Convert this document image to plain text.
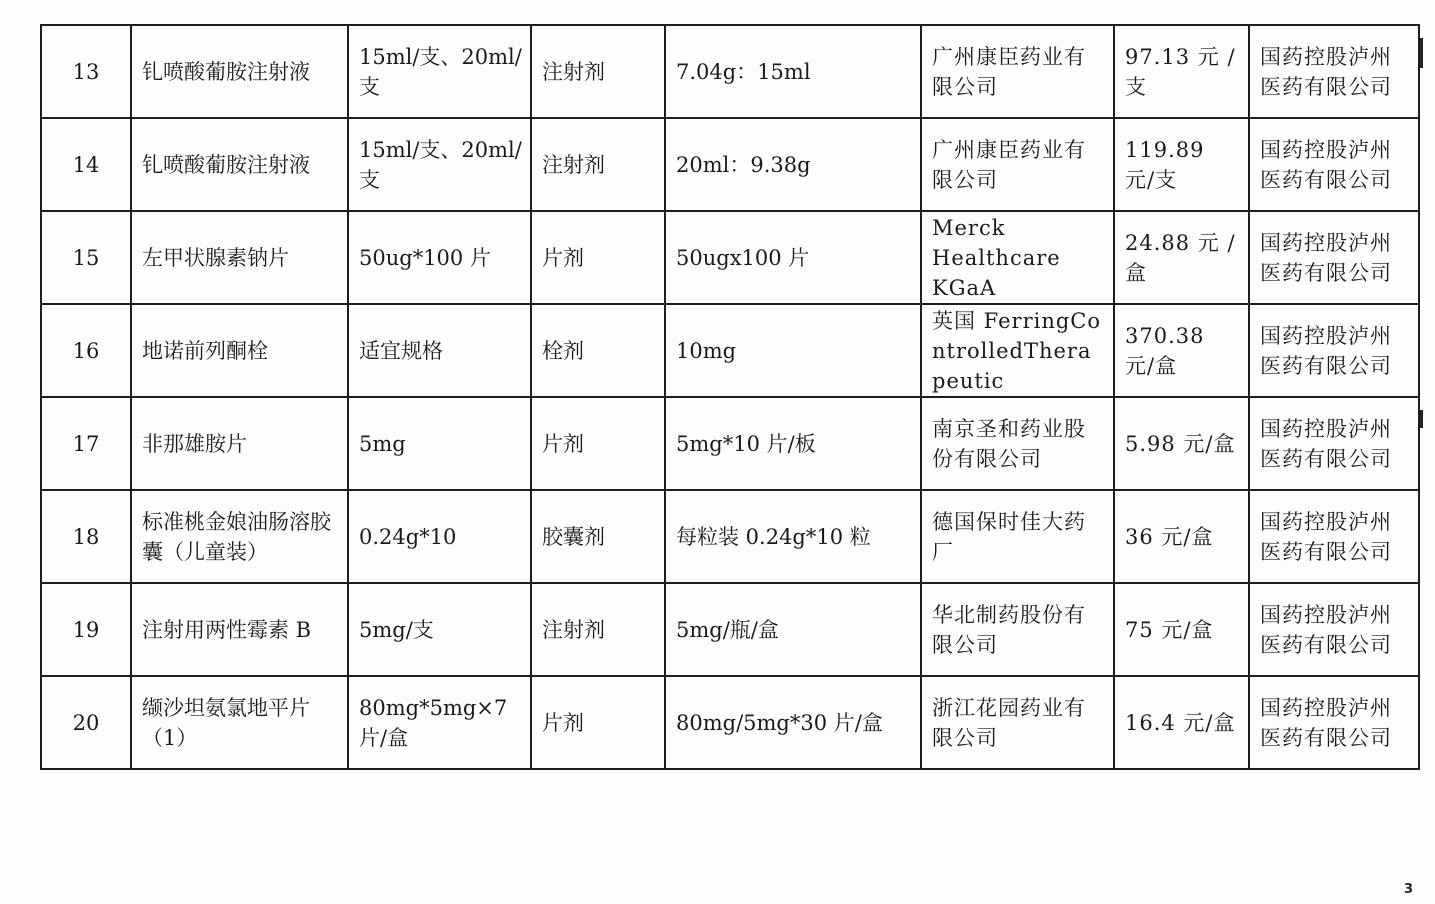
13	钆喷酸葡胺注射液	15ml/支、20ml/支	注射剂	7.04g：15ml	广州康臣药业有限公司	97.13 元 /支	国药控股泸州医药有限公司
14	钆喷酸葡胺注射液	15ml/支、20ml/支	注射剂	20ml：9.38g	广州康臣药业有限公司	119.89 元/支	国药控股泸州医药有限公司
15	左甲状腺素钠片	50ug*100 片	片剂	50ugx100 片	Merck Healthcare KGaA	24.88 元 /盒	国药控股泸州医药有限公司
16	地诺前列酮栓	适宜规格	栓剂	10mg	英国 FerringControlledTherapeutic	370.38 元/盒	国药控股泸州医药有限公司
17	非那雄胺片	5mg	片剂	5mg*10 片/板	南京圣和药业股份有限公司	5.98 元/盒	国药控股泸州医药有限公司
18	标准桃金娘油肠溶胶囊（儿童装）	0.24g*10	胶囊剂	每粒装 0.24g*10 粒	德国保时佳大药厂	36 元/盒	国药控股泸州医药有限公司
19	注射用两性霉素 B	5mg/支	注射剂	5mg/瓶/盒	华北制药股份有限公司	75 元/盒	国药控股泸州医药有限公司
20	缬沙坦氨氯地平片（1）	80mg*5mg×7 片/盒	片剂	80mg/5mg*30 片/盒	浙江花园药业有限公司	16.4 元/盒	国药控股泸州医药有限公司
3
